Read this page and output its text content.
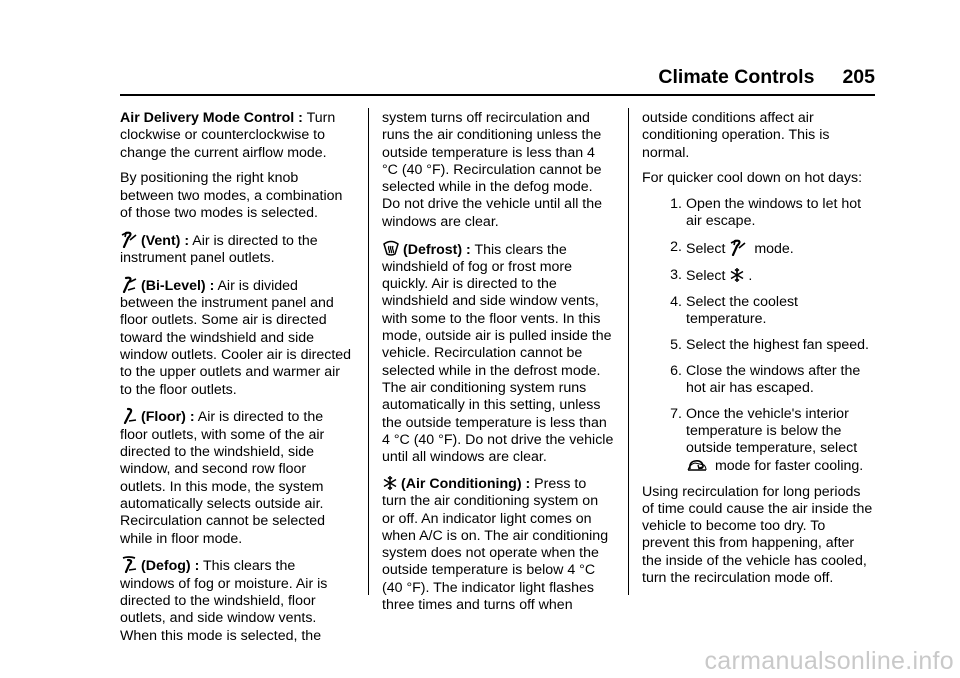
Climate Controls 205

Air Delivery Mode Control : Turn clockwise or counterclockwise to change the current airflow mode.

By positioning the right knob between two modes, a combination of those two modes is selected.

(Vent) : Air is directed to the instrument panel outlets.

(Bi-Level) : Air is divided between the instrument panel and floor outlets. Some air is directed toward the windshield and side window outlets. Cooler air is directed to the upper outlets and warmer air to the floor outlets.

(Floor) : Air is directed to the floor outlets, with some of the air directed to the windshield, side window, and second row floor outlets. In this mode, the system automatically selects outside air. Recirculation cannot be selected while in floor mode.

(Defog) : This clears the windows of fog or moisture. Air is directed to the windshield, floor outlets, and side window vents. When this mode is selected, the

system turns off recirculation and runs the air conditioning unless the outside temperature is less than 4 °C (40 °F). Recirculation cannot be selected while in the defog mode. Do not drive the vehicle until all the windows are clear.

(Defrost) : This clears the windshield of fog or frost more quickly. Air is directed to the windshield and side window vents, with some to the floor vents. In this mode, outside air is pulled inside the vehicle. Recirculation cannot be selected while in the defrost mode. The air conditioning system runs automatically in this setting, unless the outside temperature is less than 4 °C (40 °F). Do not drive the vehicle until all windows are clear.

(Air Conditioning) : Press to turn the air conditioning system on or off. An indicator light comes on when A/C is on. The air conditioning system does not operate when the outside temperature is below 4 °C (40 °F). The indicator light flashes three times and turns off when

outside conditions affect air conditioning operation. This is normal.

For quicker cool down on hot days:

1. Open the windows to let hot air escape.
2. Select
mode.
3. Select
.
4. Select the coolest temperature.
5. Select the highest fan speed.
6. Close the windows after the hot air has escaped.
7. Once the vehicle's interior temperature is below the outside temperature, select
mode for faster cooling.

Using recirculation for long periods of time could cause the air inside the vehicle to become too dry. To prevent this from happening, after the inside of the vehicle has cooled, turn the recirculation mode off.

carmanualsonline.info
